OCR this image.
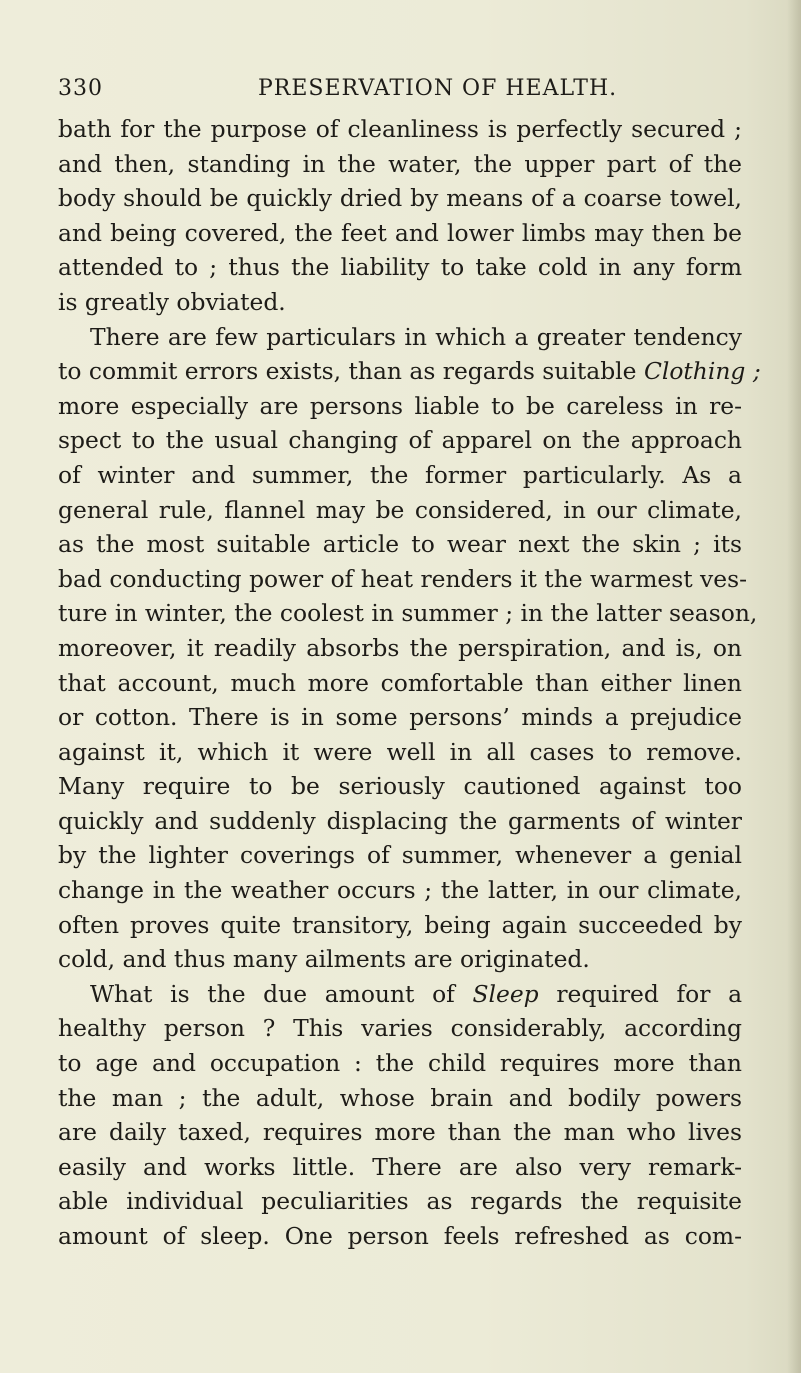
330	PRESERVATION OF HEALTH.
bath for the purpose of cleanliness is perfectly secured ;
and then, standing in the water, the upper part of the
body should be quickly dried by means of a coarse towel,
and being covered, the feet and lower limbs may then be
attended to ; thus the liability to take cold in any form
is greatly obviated.
There are few particulars in which a greater tendency
to commit errors exists, than as regards suitable Clothing ;
more especially are persons liable to be careless in re-
spect to the usual changing of apparel on the approach
of winter and summer, the former particularly. As a
general rule, flannel may be considered, in our climate,
as the most suitable article to wear next the skin ; its
bad conducting power of heat renders it the warmest ves-
ture in winter, the coolest in summer ; in the latter season,
moreover, it readily absorbs the perspiration, and is, on
that account, much more comfortable than either linen
or cotton. There is in some persons’ minds a prejudice
against it, which it were well in all cases to remove.
Many require to be seriously cautioned against too
quickly and suddenly displacing the garments of winter
by the lighter coverings of summer, whenever a genial
change in the weather occurs ; the latter, in our climate,
often proves quite transitory, being again succeeded by
cold, and thus many ailments are originated.
What is the due amount of Sleep required for a
healthy person ? This varies considerably, according
to age and occupation : the child requires more than
the man ; the adult, whose brain and bodily powers
are daily taxed, requires more than the man who lives
easily and works little. There are also very remark-
able individual peculiarities as regards the requisite
amount of sleep. One person feels refreshed as com-
